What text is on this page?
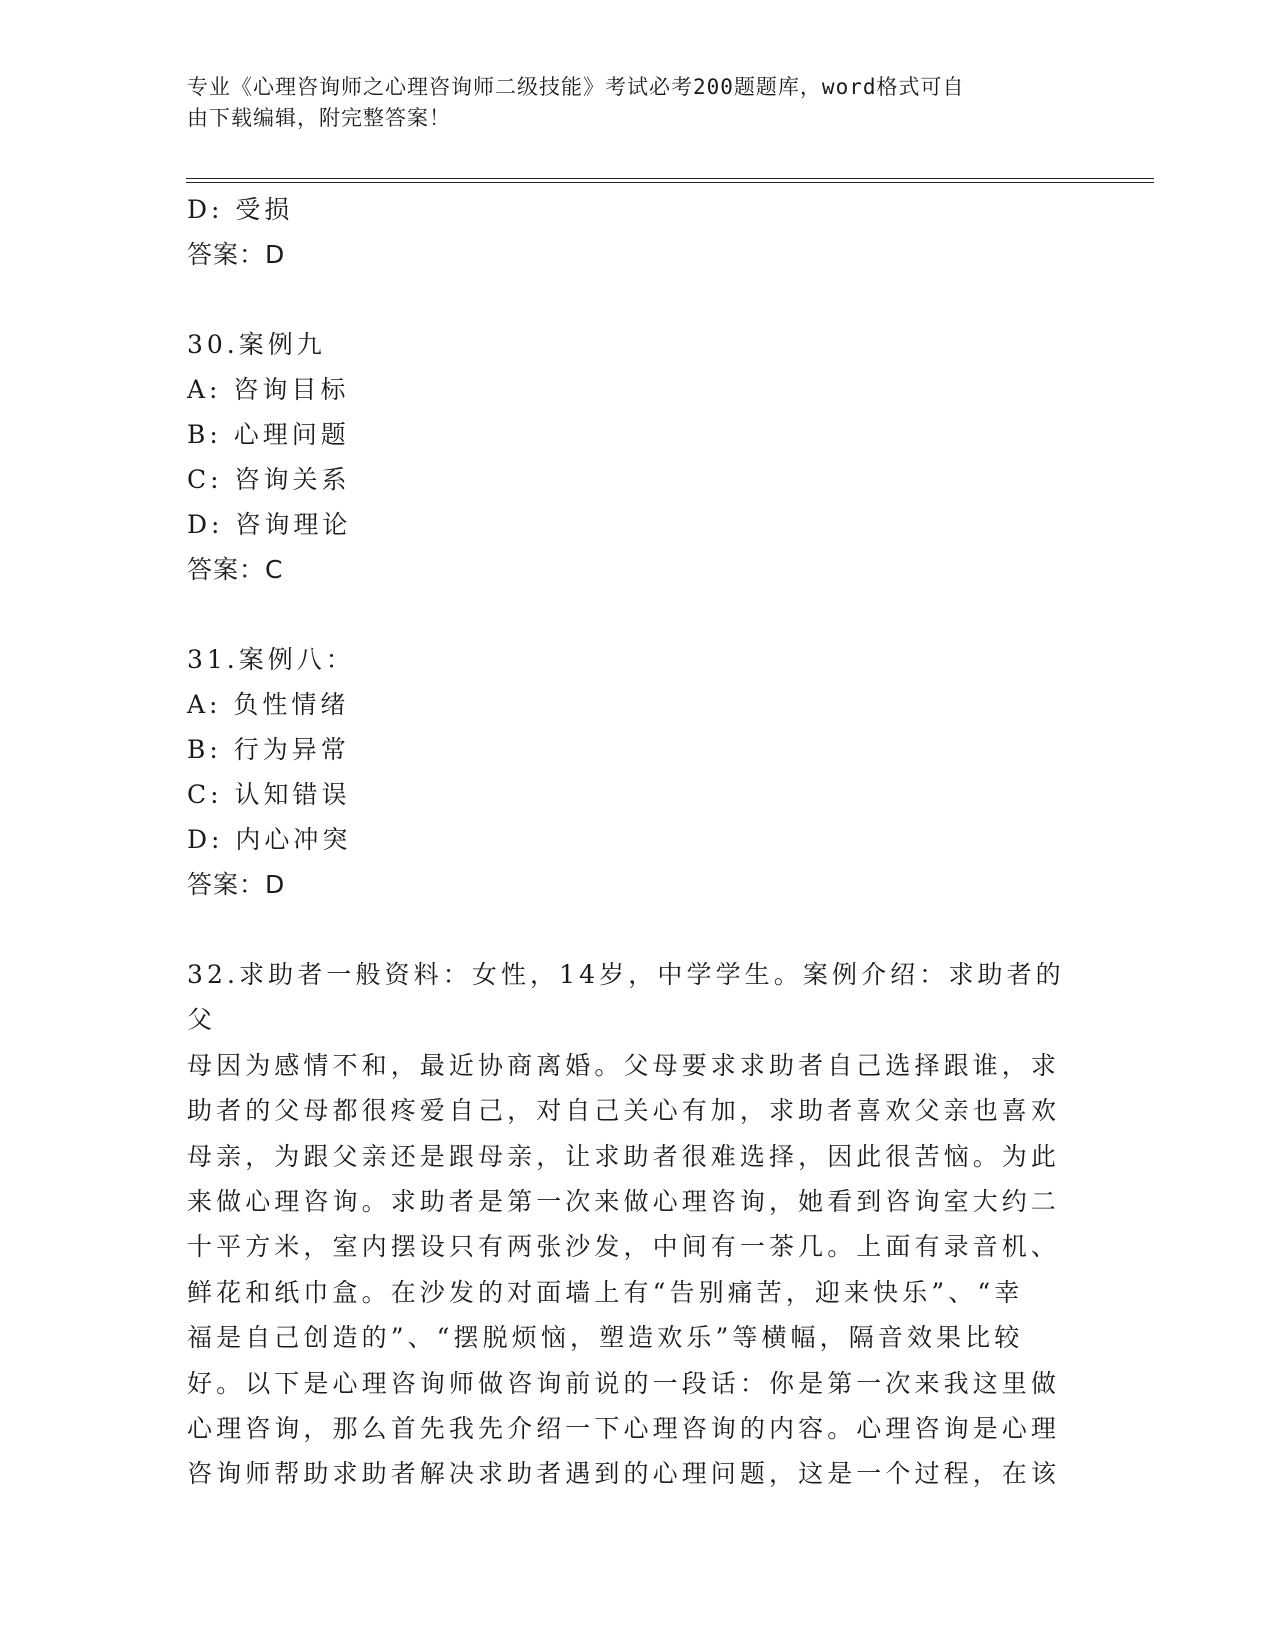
专业《心理咨询师之心理咨询师二级技能》考试必考200题题库，word格式可自
由下载编辑，附完整答案！
D: 受损
答案：D
30.案例九
A: 咨询目标
B: 心理问题
C: 咨询关系
D: 咨询理论
答案：C
31.案例八：
A: 负性情绪
B: 行为异常
C: 认知错误
D: 内心冲突
答案：D
32.求助者一般资料：女性，14岁，中学学生。案例介绍：求助者的父
母因为感情不和，最近协商离婚。父母要求求助者自己选择跟谁，求
助者的父母都很疼爱自己，对自己关心有加，求助者喜欢父亲也喜欢
母亲，为跟父亲还是跟母亲，让求助者很难选择，因此很苦恼。为此
来做心理咨询。求助者是第一次来做心理咨询，她看到咨询室大约二
十平方米，室内摆设只有两张沙发，中间有一茶几。上面有录音机、
鲜花和纸巾盒。在沙发的对面墙上有“告别痛苦，迎来快乐”、“幸
福是自己创造的”、“摆脱烦恼，塑造欢乐”等横幅，隔音效果比较
好。以下是心理咨询师做咨询前说的一段话：你是第一次来我这里做
心理咨询，那么首先我先介绍一下心理咨询的内容。心理咨询是心理
咨询师帮助求助者解决求助者遇到的心理问题，这是一个过程，在该
